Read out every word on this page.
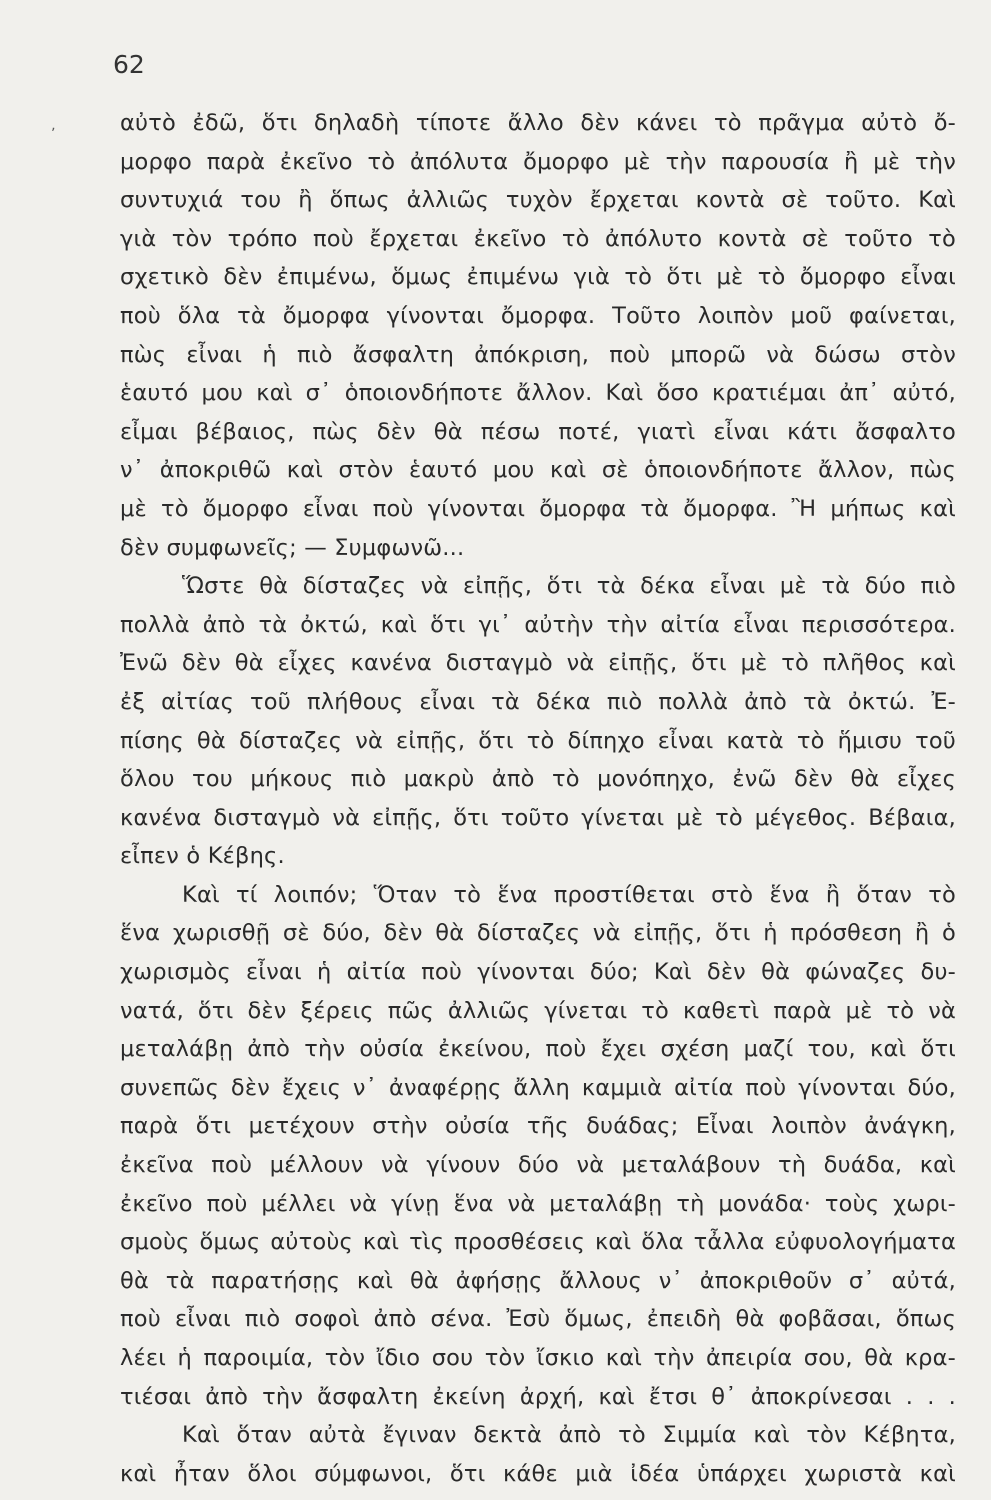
62
ʼ	αὐτὸ ἐδῶ, ὅτι δηλαδὴ τίποτε ἄλλο δὲν κάνει τὸ πρᾶγμα αὐτὸ ὄ-
μορφο παρὰ ἐκεῖνο τὸ ἀπόλυτα ὄμορφο μὲ τὴν παρουσία ἢ μὲ τὴν
συντυχιά του ἢ ὅπως ἀλλιῶς τυχὸν ἔρχεται κοντὰ σὲ τοῦτο. Καὶ
γιὰ τὸν τρόπο ποὺ ἔρχεται ἐκεῖνο τὸ ἀπόλυτο κοντὰ σὲ τοῦτο τὸ
σχετικὸ δὲν ἐπιμένω, ὅμως ἐπιμένω γιὰ τὸ ὅτι μὲ τὸ ὄμορφο εἶναι
ποὺ ὅλα τὰ ὄμορφα γίνονται ὄμορφα. Τοῦτο λοιπὸν μοῦ φαίνεται,
πὼς εἶναι ἡ πιὸ ἄσφαλτη ἀπόκριση, ποὺ μπορῶ νὰ δώσω στὸν
ἑαυτό μου καὶ σ᾽ ὁποιονδήποτε ἄλλον. Καὶ ὅσο κρατιέμαι ἀπ᾽ αὐτό,
εἶμαι βέβαιος, πὼς δὲν θὰ πέσω ποτέ, γιατὶ εἶναι κάτι ἄσφαλτο
ν᾽ ἀποκριθῶ καὶ στὸν ἑαυτό μου καὶ σὲ ὁποιονδήποτε ἄλλον, πὼς
μὲ τὸ ὄμορφο εἶναι ποὺ γίνονται ὄμορφα τὰ ὄμορφα. Ἢ μήπως καὶ
δὲν συμφωνεῖς; — Συμφωνῶ...
Ὥστε θὰ δίσταζες νὰ εἰπῇς, ὅτι τὰ δέκα εἶναι μὲ τὰ δύο πιὸ
πολλὰ ἀπὸ τὰ ὀκτώ, καὶ ὅτι γι᾽ αὐτὴν τὴν αἰτία εἶναι περισσότερα.
Ἐνῶ δὲν θὰ εἶχες κανένα δισταγμὸ νὰ εἰπῇς, ὅτι μὲ τὸ πλῆθος καὶ
ἐξ αἰτίας τοῦ πλήθους εἶναι τὰ δέκα πιὸ πολλὰ ἀπὸ τὰ ὀκτώ. Ἐ-
πίσης θὰ δίσταζες νὰ εἰπῇς, ὅτι τὸ δίπηχο εἶναι κατὰ τὸ ἥμισυ τοῦ
ὅλου του μήκους πιὸ μακρὺ ἀπὸ τὸ μονόπηχο, ἐνῶ δὲν θὰ εἶχες
κανένα δισταγμὸ νὰ εἰπῇς, ὅτι τοῦτο γίνεται μὲ τὸ μέγεθος. Βέβαια,
εἶπεν ὁ Κέβης.
Καὶ τί λοιπόν; Ὅταν τὸ ἕνα προστίθεται στὸ ἕνα ἢ ὅταν τὸ
ἕνα χωρισθῇ σὲ δύο, δὲν θὰ δίσταζες νὰ εἰπῇς, ὅτι ἡ πρόσθεση ἢ ὁ
χωρισμὸς εἶναι ἡ αἰτία ποὺ γίνονται δύο; Καὶ δὲν θὰ φώναζες δυ-
νατά, ὅτι δὲν ξέρεις πῶς ἀλλιῶς γίνεται τὸ καθετὶ παρὰ μὲ τὸ νὰ
μεταλάβῃ ἀπὸ τὴν οὐσία ἐκείνου, ποὺ ἔχει σχέση μαζί του, καὶ ὅτι
συνεπῶς δὲν ἔχεις ν᾽ ἀναφέρῃς ἄλλη καμμιὰ αἰτία ποὺ γίνονται δύο,
παρὰ ὅτι μετέχουν στὴν οὐσία τῆς δυάδας; Εἶναι λοιπὸν ἀνάγκη,
ἐκεῖνα ποὺ μέλλουν νὰ γίνουν δύο νὰ μεταλάβουν τὴ δυάδα, καὶ
ἐκεῖνο ποὺ μέλλει νὰ γίνῃ ἕνα νὰ μεταλάβῃ τὴ μονάδα· τοὺς χωρι-
σμοὺς ὅμως αὐτοὺς καὶ τὶς προσθέσεις καὶ ὅλα τἆλλα εὐφυολογήματα
θὰ τὰ παρατήσῃς καὶ θὰ ἀφήσῃς ἄλλους ν᾽ ἀποκριθοῦν σ᾽ αὐτά,
ποὺ εἶναι πιὸ σοφοὶ ἀπὸ σένα. Ἐσὺ ὅμως, ἐπειδὴ θὰ φοβᾶσαι, ὅπως
λέει ἡ παροιμία, τὸν ἴδιο σου τὸν ἴσκιο καὶ τὴν ἀπειρία σου, θὰ κρα-
τιέσαι ἀπὸ τὴν ἄσφαλτη ἐκείνη ἀρχή, καὶ ἔτσι θ᾽ ἀποκρίνεσαι . . .
Καὶ ὅταν αὐτὰ ἔγιναν δεκτὰ ἀπὸ τὸ Σιμμία καὶ τὸν Κέβητα,
καὶ ἦταν ὅλοι σύμφωνοι, ὅτι κάθε μιὰ ἰδέα ὑπάρχει χωριστὰ καὶ
